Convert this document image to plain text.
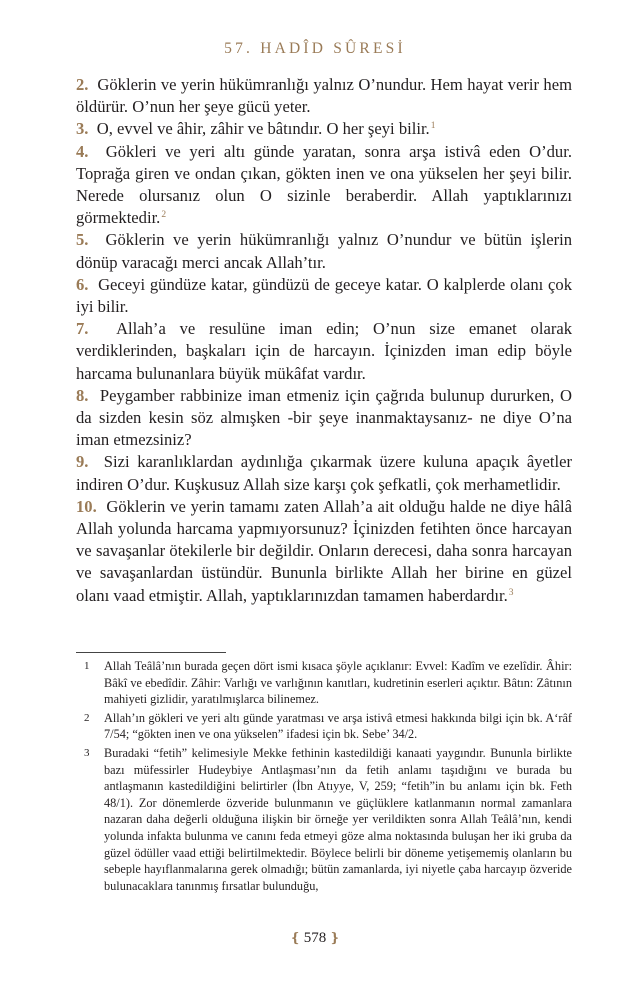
57. HADÎD SÛRESİ

2. Göklerin ve yerin hükümranlığı yalnız O’nundur. Hem hayat verir hem öldürür. O’nun her şeye gücü yeter.

3. O, evvel ve âhir, zâhir ve bâtındır. O her şeyi bilir.$^1$

4. Gökleri ve yeri altı günde yaratan, sonra arşa istivâ eden O’dur. Toprağa giren ve ondan çıkan, gökten inen ve ona yükselen her şeyi bilir. Nerede olursanız olun O sizinle beraberdir. Allah yaptıklarınızı görmektedir.$^2$

5. Göklerin ve yerin hükümranlığı yalnız O’nundur ve bütün işlerin dönüp varacağı merci ancak Allah’tır.

6. Geceyi gündüze katar, gündüzü de geceye katar. O kalplerde olanı çok iyi bilir.

7. Allah’a ve resulüne iman edin; O’nun size emanet olarak verdiklerinden, başkaları için de harcayın. İçinizden iman edip böyle harcama bulunanlara büyük mükâfat vardır.

8. Peygamber rabbinize iman etmeniz için çağrıda bulunup dururken, O da sizden kesin söz almışken -bir şeye inanmaktaysanız- ne diye O’na iman etmezsiniz?

9. Sizi karanlıklardan aydınlığa çıkarmak üzere kuluna apaçık âyetler indiren O’dur. Kuşkusuz Allah size karşı çok şefkatli, çok merhametlidir.

10. Göklerin ve yerin tamamı zaten Allah’a ait olduğu halde ne diye hâlâ Allah yolunda harcama yapmıyorsunuz? İçinizden fetihten önce harcayan ve savaşanlar ötekilerle bir değildir. Onların derecesi, daha sonra harcayan ve savaşanlardan üstündür. Bununla birlikte Allah her birine en güzel olanı vaad etmiştir. Allah, yaptıklarınızdan tamamen haberdardır.$^3$

1 Allah Teâlâ’nın burada geçen dört ismi kısaca şöyle açıklanır: Evvel: Kadîm ve ezelîdir. Âhir: Bâkî ve ebedîdir. Zâhir: Varlığı ve varlığının kanıtları, kudretinin eserleri açıktır. Bâtın: Zâtının mahiyeti gizlidir, yaratılmışlarca bilinemez.

2 Allah’ın gökleri ve yeri altı günde yaratması ve arşa istivâ etmesi hakkında bilgi için bk. A‘râf 7/54; “gökten inen ve ona yükselen” ifadesi için bk. Sebe’ 34/2.

3 Buradaki “fetih” kelimesiyle Mekke fethinin kastedildiği kanaati yaygındır. Bununla birlikte bazı müfessirler Hudeybiye Antlaşması’nın da fetih anlamı taşıdığını ve burada bu antlaşmanın kastedildiğini belirtirler (İbn Atıyye, V, 259; “fetih”in bu anlamı için bk. Feth 48/1). Zor dönemlerde özveride bulunmanın ve güçlüklere katlanmanın normal zamanlara nazaran daha değerli olduğuna ilişkin bir örneğe yer verildikten sonra Allah Teâlâ’nın, kendi yolunda infakta bulunma ve canını feda etmeyi göze alma noktasında buluşan her iki gruba da güzel ödüller vaad ettiği belirtilmektedir. Böylece belirli bir döneme yetişememiş olanların bu sebeple hayıflanmalarına gerek olmadığı; bütün zamanlarda, iyi niyetle çaba harcayıp özveride bulunacaklara tanınmış fırsatlar bulunduğu,

❴ 578 ❵
